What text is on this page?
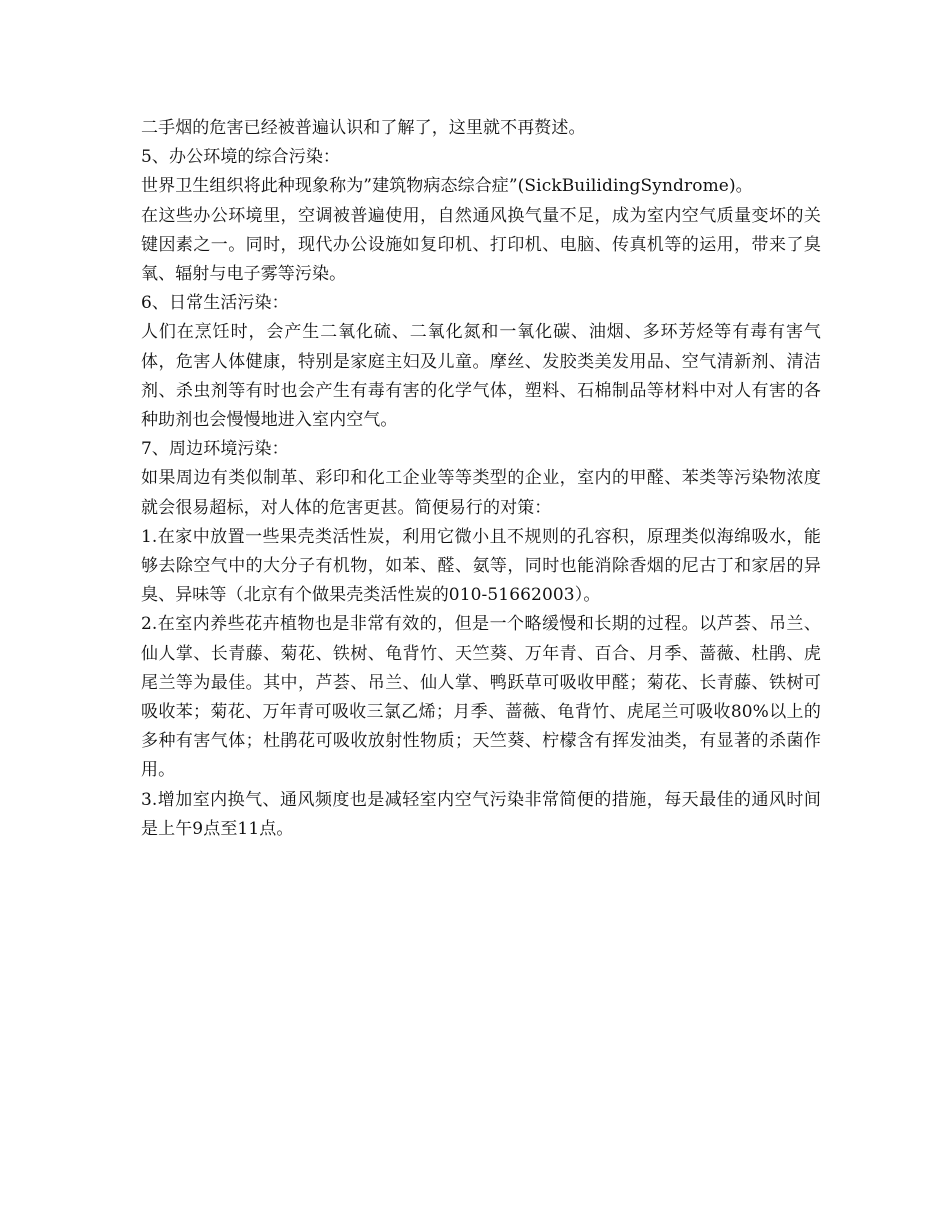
二手烟的危害已经被普遍认识和了解了，这里就不再赘述。

5、办公环境的综合污染：

世界卫生组织将此种现象称为”建筑物病态综合症”(SickBuilidingSyndrome)。

在这些办公环境里，空调被普遍使用，自然通风换气量不足，成为室内空气质量变坏的关键因素之一。同时，现代办公设施如复印机、打印机、电脑、传真机等的运用，带来了臭氧、辐射与电子雾等污染。

6、日常生活污染：

人们在烹饪时，会产生二氧化硫、二氧化氮和一氧化碳、油烟、多环芳烃等有毒有害气体，危害人体健康，特别是家庭主妇及儿童。摩丝、发胶类美发用品、空气清新剂、清洁剂、杀虫剂等有时也会产生有毒有害的化学气体，塑料、石棉制品等材料中对人有害的各种助剂也会慢慢地进入室内空气。

7、周边环境污染：

如果周边有类似制革、彩印和化工企业等等类型的企业，室内的甲醛、苯类等污染物浓度就会很易超标，对人体的危害更甚。简便易行的对策：

1.在家中放置一些果壳类活性炭，利用它微小且不规则的孔容积，原理类似海绵吸水，能够去除空气中的大分子有机物，如苯、醛、氨等，同时也能消除香烟的尼古丁和家居的异臭、异味等（北京有个做果壳类活性炭的010-51662003）。

2.在室内养些花卉植物也是非常有效的，但是一个略缓慢和长期的过程。以芦荟、吊兰、仙人掌、长青藤、菊花、铁树、龟背竹、天竺葵、万年青、百合、月季、蔷薇、杜鹃、虎尾兰等为最佳。其中，芦荟、吊兰、仙人掌、鸭跃草可吸收甲醛；菊花、长青藤、铁树可吸收苯；菊花、万年青可吸收三氯乙烯；月季、蔷薇、龟背竹、虎尾兰可吸收80%以上的多种有害气体；杜鹃花可吸收放射性物质；天竺葵、柠檬含有挥发油类，有显著的杀菌作用。

3.增加室内换气、通风频度也是减轻室内空气污染非常简便的措施，每天最佳的通风时间是上午9点至11点。
